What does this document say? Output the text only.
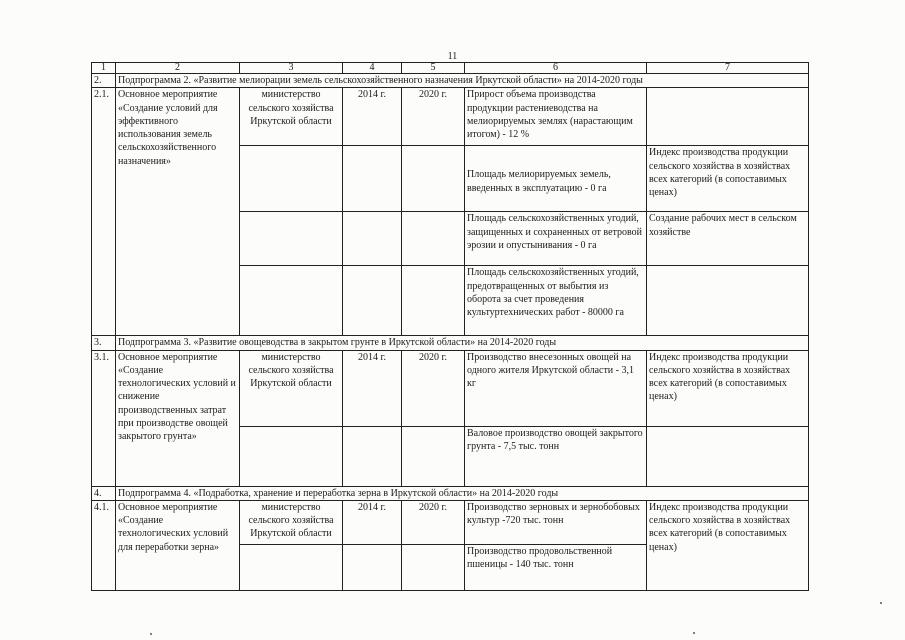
11
1	2	3	4	5	6	7
2.	Подпрограмма 2. «Развитие мелиорации земель сельскохозяйственного назначения Иркутской области» на 2014-2020 годы					
2.1.	Основное мероприятие «Создание условий для эффективного использования земель сельскохозяйственного назначения»	министерство сельского хозяйства Иркутской области	2014 г.	2020 г.	Прирост объема производства продукции растениеводства на мелиорируемых землях (нарастающим итогом) - 12 %	
					Площадь мелиорируемых земель, введенных в эксплуатацию - 0 га	Индекс производства продукции сельского хозяйства в хозяйствах всех категорий (в сопоставимых ценах)
					Площадь сельскохозяйственных угодий, защищенных и сохраненных от ветровой эрозии и опустынивания - 0 га	Создание рабочих мест в сельском хозяйстве
					Площадь сельскохозяйственных угодий, предотвращенных от выбытия из оборота за счет проведения культуртехнических работ - 80000 га	
3.	Подпрограмма 3. «Развитие овощеводства в закрытом грунте в Иркутской области» на 2014-2020 годы					
3.1.	Основное мероприятие «Создание технологических условий и снижение производственных затрат при производстве овощей закрытого грунта»	министерство сельского хозяйства Иркутской области	2014 г.	2020 г.	Производство внесезонных овощей на одного жителя Иркутской области - 3,1 кг	Индекс производства продукции сельского хозяйства в хозяйствах всех категорий (в сопоставимых ценах)
					Валовое производство овощей закрытого грунта - 7,5 тыс. тонн	
4.	Подпрограмма 4. «Подработка, хранение и переработка зерна в Иркутской области» на 2014-2020 годы					
4.1.	Основное мероприятие «Создание технологических условий для переработки зерна»	министерство сельского хозяйства Иркутской области	2014 г.	2020 г.	Производство зерновых и зернобобовых культур -720 тыс. тонн	Индекс производства продукции сельского хозяйства в хозяйствах всех категорий (в сопоставимых ценах)
					Производство продовольственной пшеницы - 140 тыс. тонн	
